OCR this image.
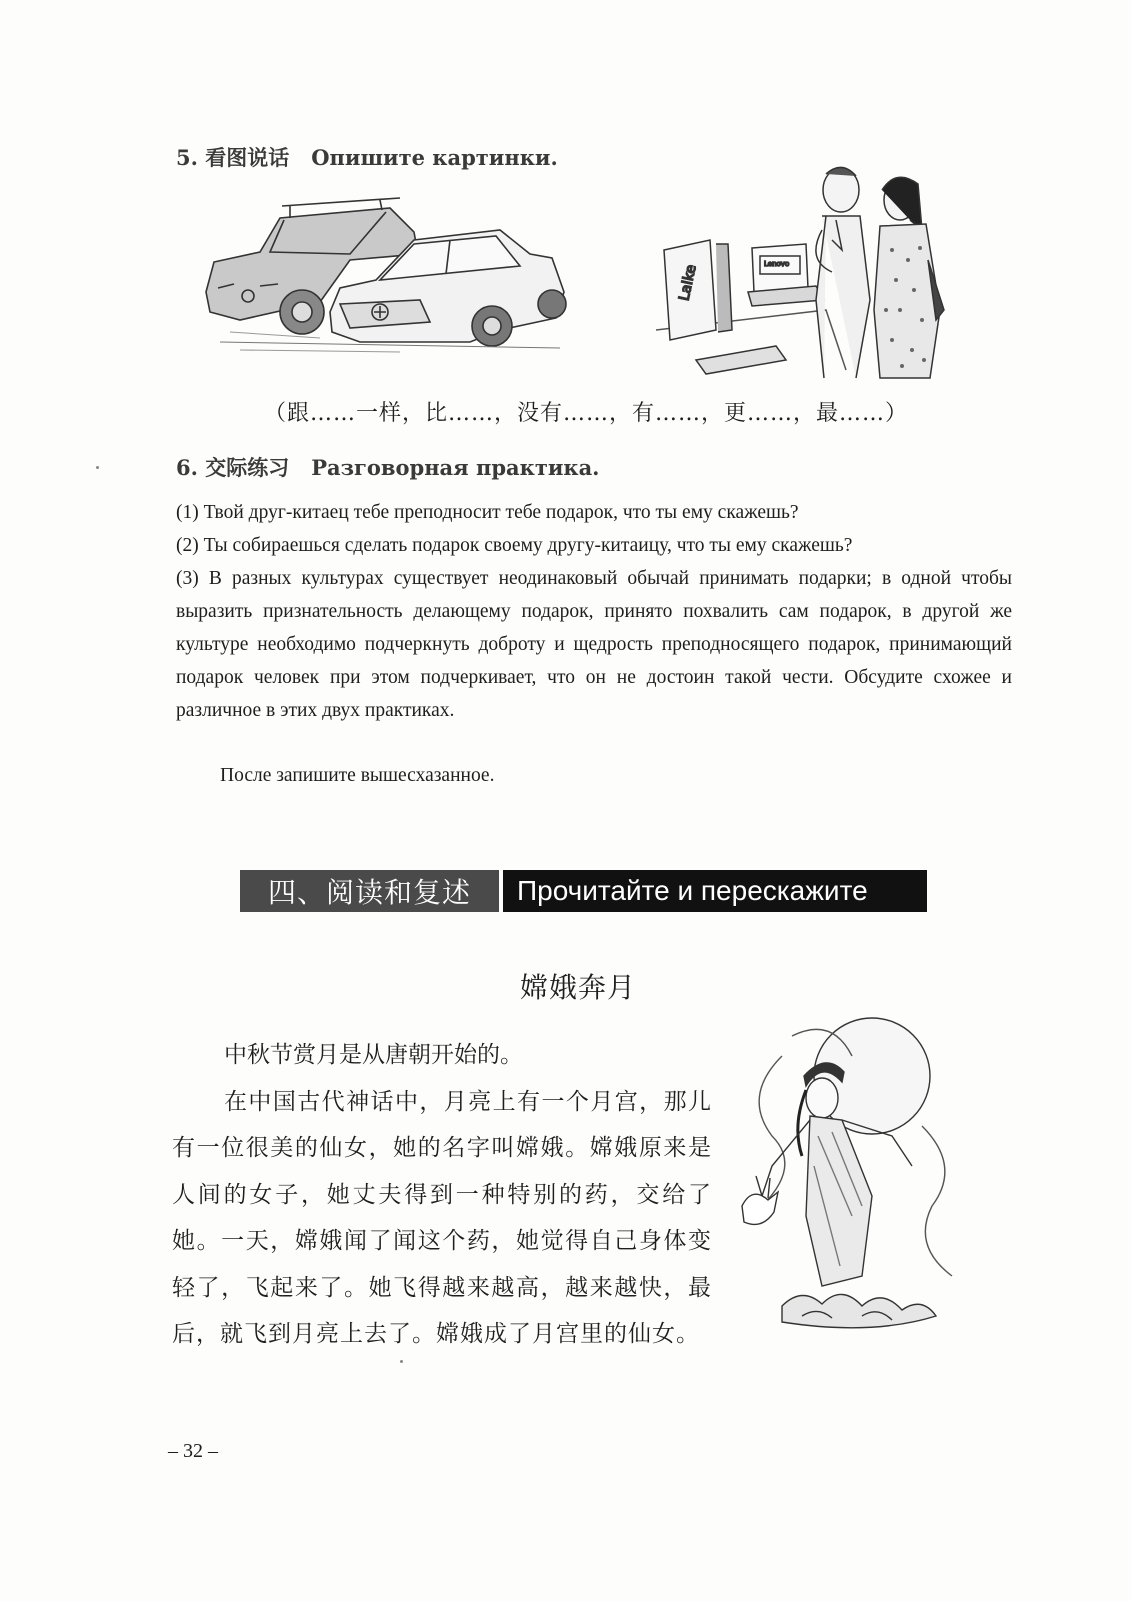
5. 看图说话 Опишите картинки.
Lalke	Lenovo
（跟……一样，比……，没有……，有……，更……，最……）
6. 交际练习 Разговорная практика.
(1) Твой друг-китаец тебе преподносит тебе подарок, что ты ему скажешь?
(2) Ты собираешься сделать подарок своему другу-китаицу, что ты ему скажешь?
(3) В разных культурах существует неодинаковый обычай принимать подарки; в одной чтобы выразить признательность делающему подарок, принято похвалить сам подарок, в другой же культуре необходимо подчеркнуть доброту и щедрость преподносящего подарок, принимающий подарок человек при этом подчеркивает, что он не достоин такой чести. Обсудите схожее и различное в этих двух практиках.
После запишите вышесхазанное.
四、阅读和复述	Прочитайте и перескажите
嫦娥奔月

中秋节赏月是从唐朝开始的。

在中国古代神话中，月亮上有一个月宫，那儿有一位很美的仙女，她的名字叫嫦娥。嫦娥原来是人间的女子，她丈夫得到一种特别的药，交给了她。一天，嫦娥闻了闻这个药，她觉得自己身体变轻了，飞起来了。她飞得越来越高，越来越快，最后，就飞到月亮上去了。嫦娥成了月宫里的仙女。

– 32 –
